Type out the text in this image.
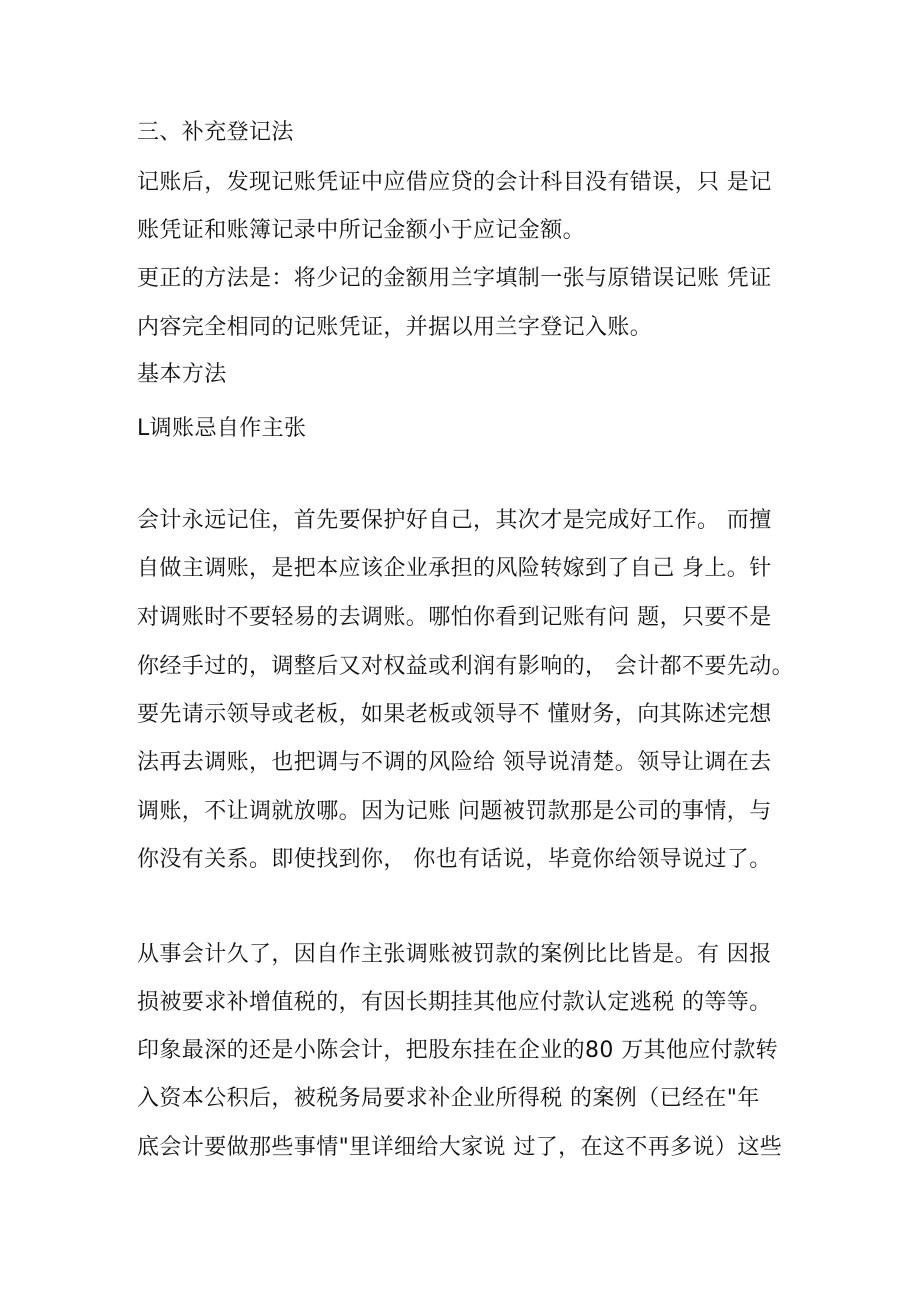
三、补充登记法
记账后，发现记账凭证中应借应贷的会计科目没有错误，只 是记
账凭证和账簿记录中所记金额小于应记金额。
更正的方法是：将少记的金额用兰字填制一张与原错误记账 凭证
内容完全相同的记账凭证，并据以用兰字登记入账。
基本方法
L调账忌自作主张
会计永远记住，首先要保护好自己，其次才是完成好工作。 而擅
自做主调账，是把本应该企业承担的风险转嫁到了自己 身上。针
对调账时不要轻易的去调账。哪怕你看到记账有问 题，只要不是
你经手过的，调整后又对权益或利润有影响的， 会计都不要先动。
要先请示领导或老板，如果老板或领导不 懂财务，向其陈述完想
法再去调账，也把调与不调的风险给 领导说清楚。领导让调在去
调账，不让调就放哪。因为记账 问题被罚款那是公司的事情，与
你没有关系。即使找到你， 你也有话说，毕竟你给领导说过了。
从事会计久了，因自作主张调账被罚款的案例比比皆是。有 因报
损被要求补增值税的，有因长期挂其他应付款认定逃税 的等等。
印象最深的还是小陈会计，把股东挂在企业的80 万其他应付款转
入资本公积后，被税务局要求补企业所得税 的案例（已经在"年
底会计要做那些事情"里详细给大家说 过了，在这不再多说）这些
